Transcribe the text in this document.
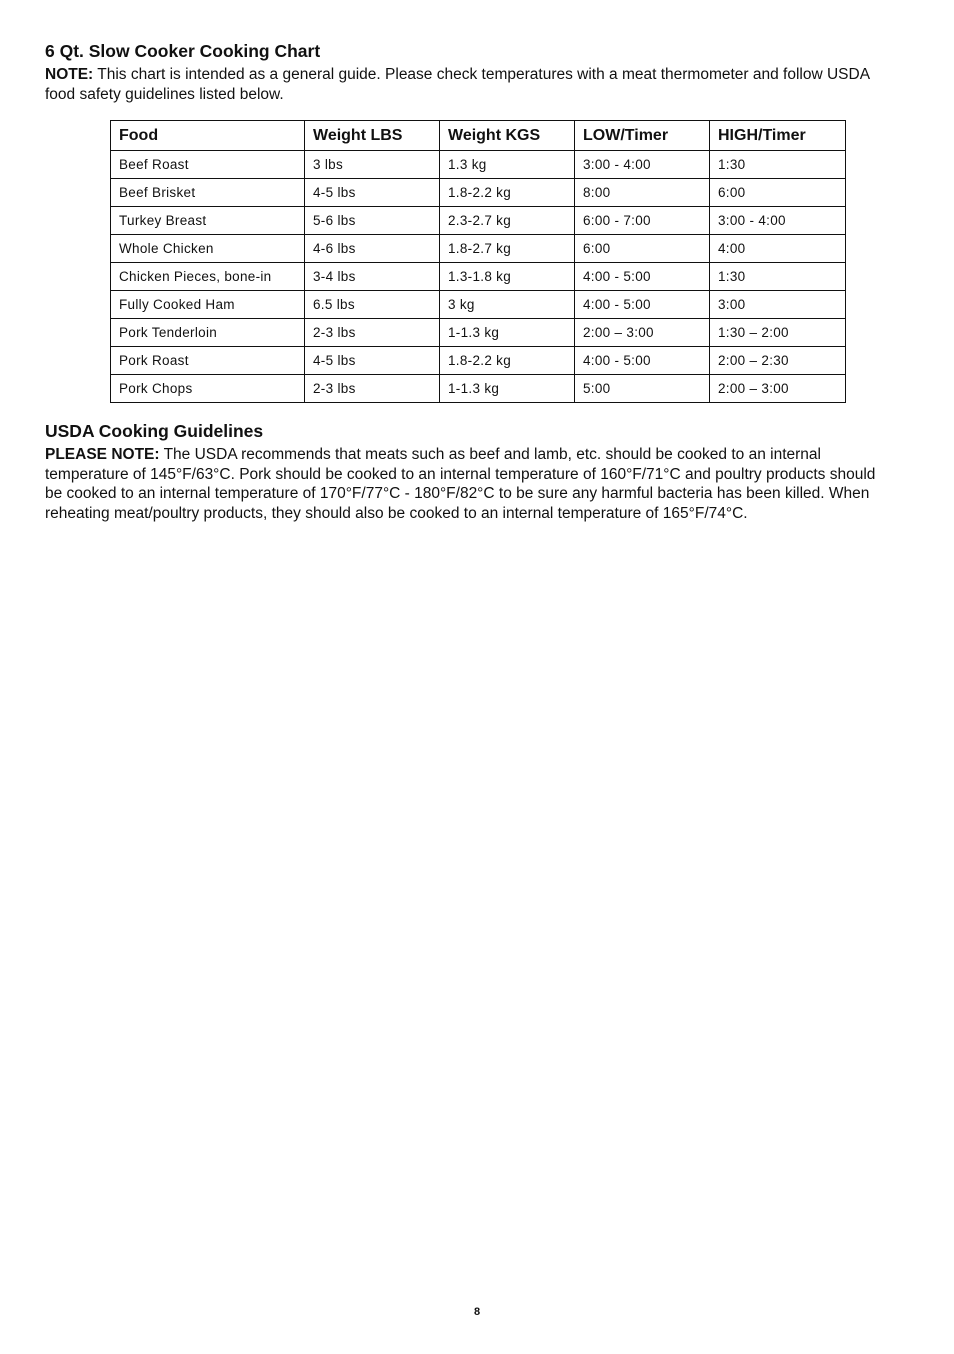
6 Qt. Slow Cooker Cooking Chart

NOTE: This chart is intended as a general guide. Please check temperatures with a meat thermometer and follow USDA food safety guidelines listed below.

Food	Weight LBS	Weight KGS	LOW/Timer	HIGH/Timer
Beef Roast	3 lbs	1.3 kg	3:00 - 4:00	1:30
Beef Brisket	4-5 lbs	1.8-2.2 kg	8:00	6:00
Turkey Breast	5-6 lbs	2.3-2.7 kg	6:00 - 7:00	3:00 - 4:00
Whole Chicken	4-6 lbs	1.8-2.7 kg	6:00	4:00
Chicken Pieces, bone-in	3-4 lbs	1.3-1.8 kg	4:00 - 5:00	1:30
Fully Cooked Ham	6.5 lbs	3 kg	4:00 - 5:00	3:00
Pork Tenderloin	2-3 lbs	1-1.3 kg	2:00 – 3:00	1:30 – 2:00
Pork Roast	4-5 lbs	1.8-2.2 kg	4:00 - 5:00	2:00 – 2:30
Pork Chops	2-3 lbs	1-1.3 kg	5:00	2:00 – 3:00
USDA Cooking Guidelines

PLEASE NOTE: The USDA recommends that meats such as beef and lamb, etc. should be cooked to an internal temperature of 145°F/63°C. Pork should be cooked to an internal temperature of 160°F/71°C and poultry products should be cooked to an internal temperature of 170°F/77°C - 180°F/82°C to be sure any harmful bacteria has been killed. When reheating meat/poultry products, they should also be cooked to an internal temperature of 165°F/74°C.

8
